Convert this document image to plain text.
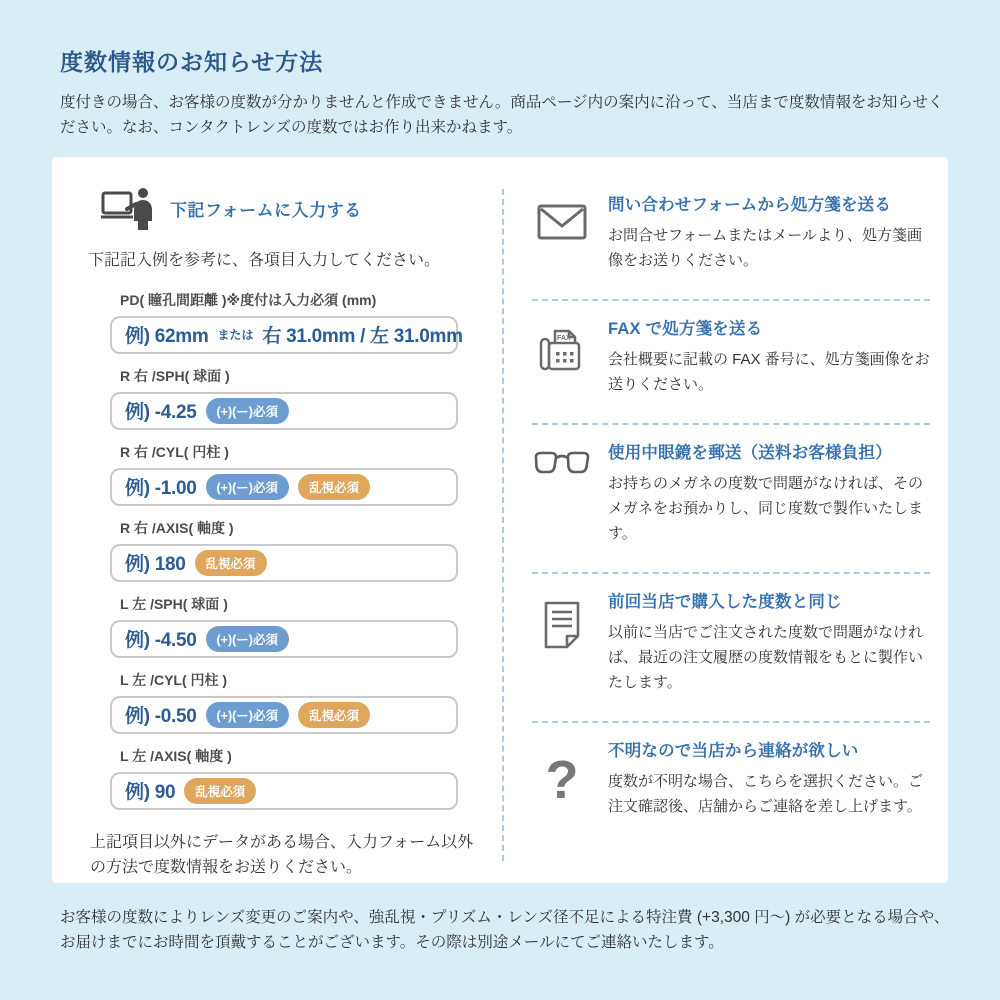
度数情報のお知らせ方法

度付きの場合、お客様の度数が分かりませんと作成できません。商品ページ内の案内に沿って、当店まで度数情報をお知らせください。なお、コンタクトレンズの度数ではお作り出来かねます。

下記フォームに入力する
下記記入例を参考に、各項目入力してください。
PD( 瞳孔間距離 )※度付は入力必須 (mm)
例) 62mm または 右 31.0mm / 左 31.0mm
R 右 /SPH( 球面 )
例) -4.25	(+)(ー)必須
R 右 /CYL( 円柱 )
例) -1.00	(+)(ー)必須	乱視必須
R 右 /AXIS( 軸度 )
例) 180	乱視必須
L 左 /SPH( 球面 )
例) -4.50	(+)(ー)必須
L 左 /CYL( 円柱 )
例) -0.50	(+)(ー)必須	乱視必須
L 左 /AXIS( 軸度 )
例) 90	乱視必須
上記項目以外にデータがある場合、入力フォーム以外の方法で度数情報をお送りください。
問い合わせフォームから処方箋を送る
お問合せフォームまたはメールより、処方箋画像をお送りください。
FAX
FAX で処方箋を送る
会社概要に記載の FAX 番号に、処方箋画像をお送りください。
使用中眼鏡を郵送（送料お客様負担）
お持ちのメガネの度数で問題がなければ、そのメガネをお預かりし、同じ度数で製作いたします。
前回当店で購入した度数と同じ
以前に当店でご注文された度数で問題がなければ、最近の注文履歴の度数情報をもとに製作いたします。
? 不明なので当店から連絡が欲しい
度数が不明な場合、こちらを選択ください。ご注文確認後、店舗からご連絡を差し上げます。

お客様の度数によりレンズ変更のご案内や、強乱視・プリズム・レンズ径不足による特注費 (+3,300 円〜) が必要となる場合や、お届けまでにお時間を頂戴することがございます。その際は別途メールにてご連絡いたします。
